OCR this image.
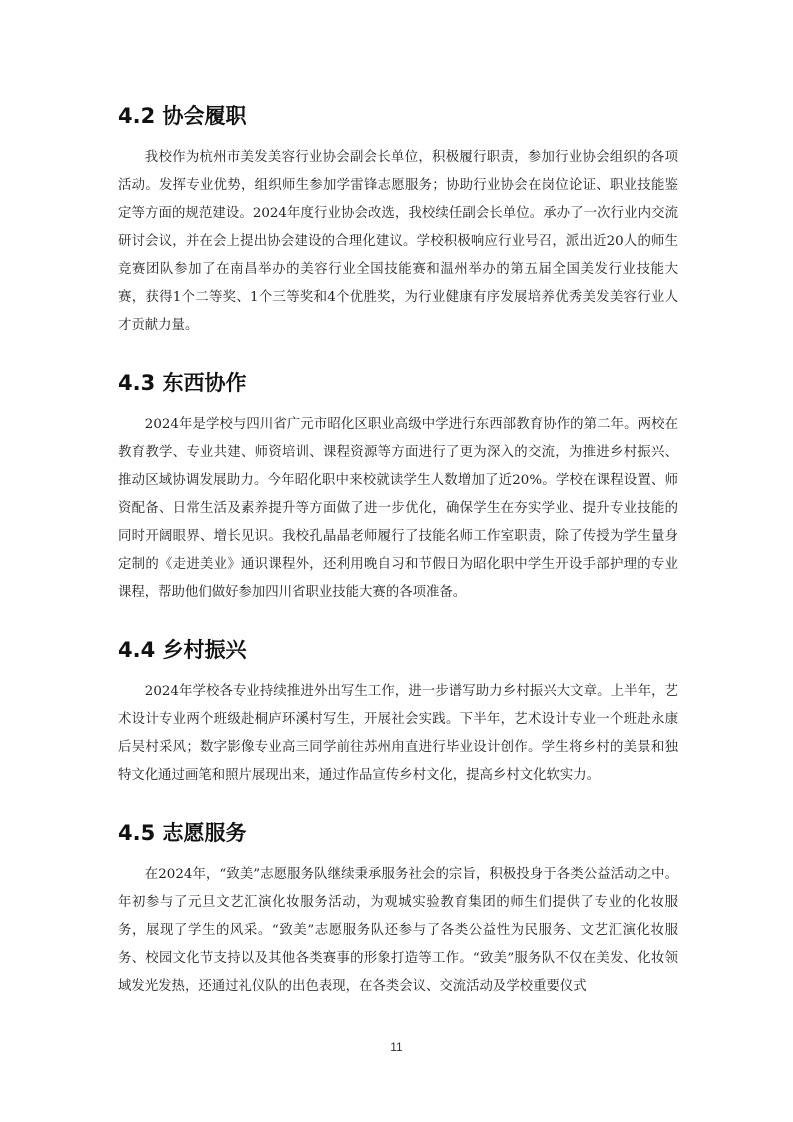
4.2 协会履职

我校作为杭州市美发美容行业协会副会长单位，积极履行职责，参加行业协会组织的各项活动。发挥专业优势，组织师生参加学雷锋志愿服务；协助行业协会在岗位论证、职业技能鉴定等方面的规范建设。2024年度行业协会改选，我校续任副会长单位。承办了一次行业内交流研讨会议，并在会上提出协会建设的合理化建议。学校积极响应行业号召，派出近20人的师生竞赛团队参加了在南昌举办的美容行业全国技能赛和温州举办的第五届全国美发行业技能大赛，获得1个二等奖、1个三等奖和4个优胜奖，为行业健康有序发展培养优秀美发美容行业人才贡献力量。

4.3 东西协作

2024年是学校与四川省广元市昭化区职业高级中学进行东西部教育协作的第二年。两校在教育教学、专业共建、师资培训、课程资源等方面进行了更为深入的交流，为推进乡村振兴、推动区域协调发展助力。今年昭化职中来校就读学生人数增加了近20%。学校在课程设置、师资配备、日常生活及素养提升等方面做了进一步优化，确保学生在夯实学业、提升专业技能的同时开阔眼界、增长见识。我校孔晶晶老师履行了技能名师工作室职责，除了传授为学生量身定制的《走进美业》通识课程外，还利用晚自习和节假日为昭化职中学生开设手部护理的专业课程，帮助他们做好参加四川省职业技能大赛的各项准备。

4.4 乡村振兴

2024年学校各专业持续推进外出写生工作，进一步谱写助力乡村振兴大文章。上半年，艺术设计专业两个班级赴桐庐环溪村写生，开展社会实践。下半年，艺术设计专业一个班赴永康后吴村采风；数字影像专业高三同学前往苏州甪直进行毕业设计创作。学生将乡村的美景和独特文化通过画笔和照片展现出来，通过作品宣传乡村文化，提高乡村文化软实力。

4.5 志愿服务

在2024年，“致美”志愿服务队继续秉承服务社会的宗旨，积极投身于各类公益活动之中。年初参与了元旦文艺汇演化妆服务活动，为观城实验教育集团的师生们提供了专业的化妆服务，展现了学生的风采。“致美”志愿服务队还参与了各类公益性为民服务、文艺汇演化妆服务、校园文化节支持以及其他各类赛事的形象打造等工作。“致美”服务队不仅在美发、化妆领域发光发热，还通过礼仪队的出色表现，在各类会议、交流活动及学校重要仪式

11
